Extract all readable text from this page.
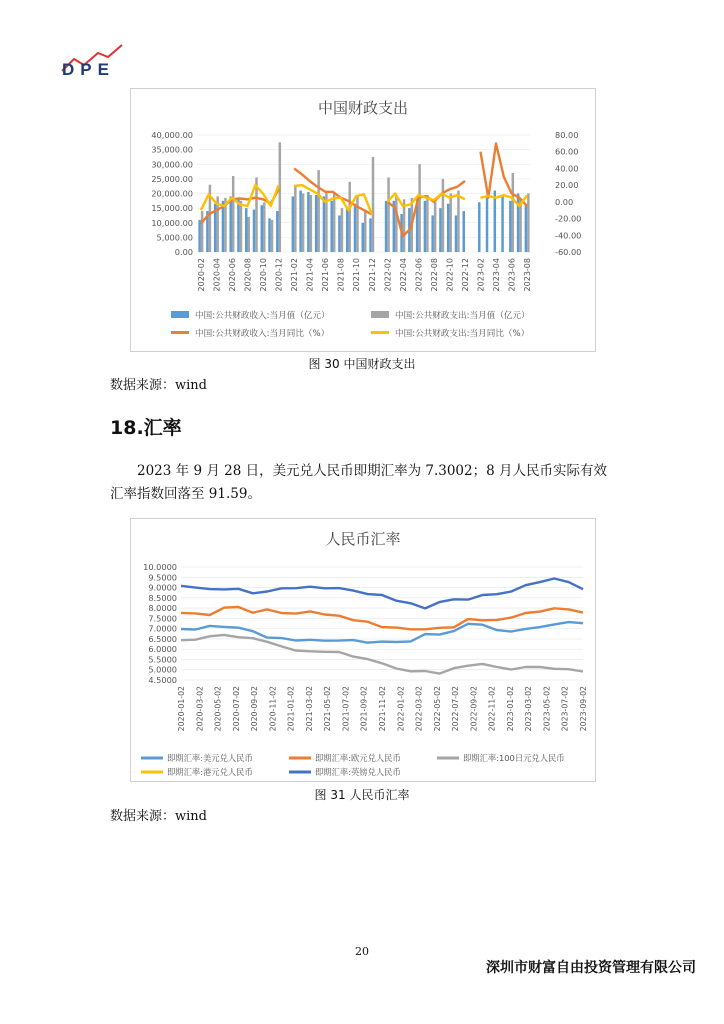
DPE
中国财政支出
40,000.00
35,000.00
30,000.00
25,000.00
20,000.00
15,000.00
10,000.00
5,000.00
0.00
80.00
60.00
40.00
20.00
0.00
-20.00
-40.00
-60.00
2020-02 2020-04 2020-06 2020-08 2020-10 2020-12 2021-02 2021-04 2021-06 2021-08 2021-10 2021-12 2022-02 2022-04 2022-06 2022-08 2022-10 2022-12 2023-02 2023-04 2023-06 2023-08
中国:公共财政收入:当月值（亿元）	中国:公共财政支出:当月值（亿元）
中国:公共财政收入:当月同比（%）	中国:公共财政支出:当月同比（%）
图 30 中国财政支出
数据来源：wind
18.汇率
2023 年 9 月 28 日，美元兑人民币即期汇率为 7.3002；8 月人民币实际有效
汇率指数回落至 91.59。
人民币汇率
10.0000
9.5000
9.0000
8.5000
8.0000
7.5000
7.0000
6.5000
6.0000
5.5000
5.0000
4.5000
2020-01-02 2020-03-02 2020-05-02 2020-07-02 2020-09-02 2020-11-02 2021-01-02 2021-03-02 2021-05-02 2021-07-02 2021-09-02 2021-11-02 2022-01-02 2022-03-02 2022-05-02 2022-07-02 2022-09-02 2022-11-02 2023-01-02 2023-03-02 2023-05-02 2023-07-02 2023-09-02
即期汇率:美元兑人民币	即期汇率:欧元兑人民币	即期汇率:100日元兑人民币
即期汇率:港元兑人民币	即期汇率:英镑兑人民币
图 31 人民币汇率
数据来源：wind
20
深圳市财富自由投资管理有限公司
